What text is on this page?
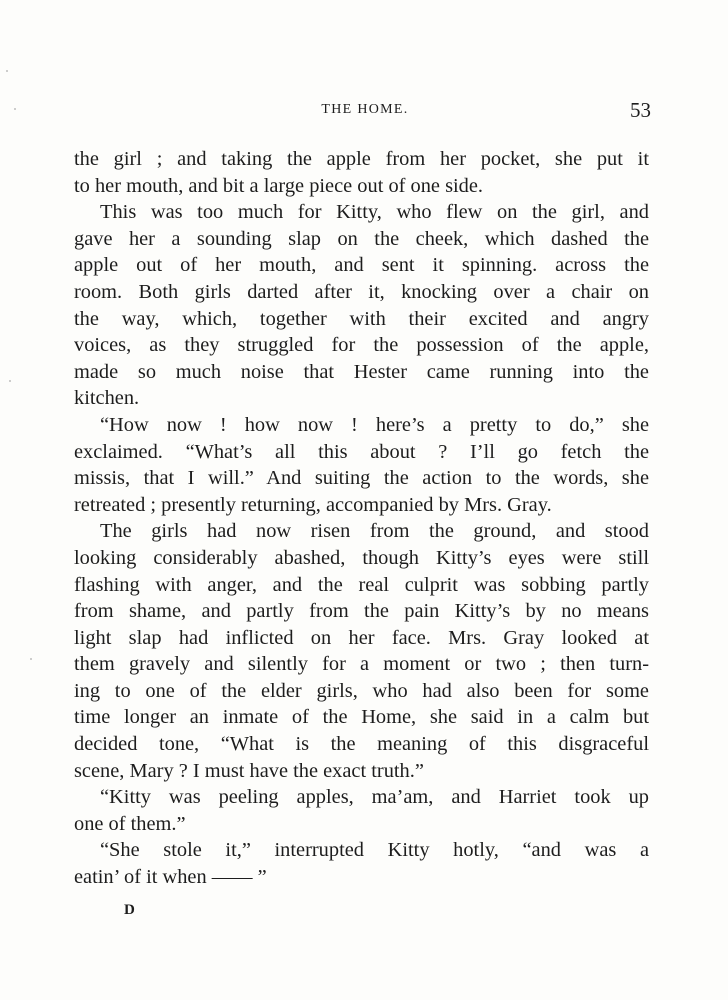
THE HOME.	53

the girl ; and taking the apple from her pocket, she put it
to her mouth, and bit a large piece out of one side.

This was too much for Kitty, who flew on the girl, and
gave her a sounding slap on the cheek, which dashed the
apple out of her mouth, and sent it spinning. across the
room. Both girls darted after it, knocking over a chair on
the way, which, together with their excited and angry
voices, as they struggled for the possession of the apple,
made so much noise that Hester came running into the
kitchen.

“How now ! how now ! here’s a pretty to do,” she
exclaimed. “What’s all this about ? I’ll go fetch the
missis, that I will.” And suiting the action to the words, she
retreated ; presently returning, accompanied by Mrs. Gray.

The girls had now risen from the ground, and stood
looking considerably abashed, though Kitty’s eyes were still
flashing with anger, and the real culprit was sobbing partly
from shame, and partly from the pain Kitty’s by no means
light slap had inflicted on her face. Mrs. Gray looked at
them gravely and silently for a moment or two ; then turn-
ing to one of the elder girls, who had also been for some
time longer an inmate of the Home, she said in a calm but
decided tone, “What is the meaning of this disgraceful
scene, Mary ? I must have the exact truth.”

“Kitty was peeling apples, ma’am, and Harriet took up
one of them.”

“She stole it,” interrupted Kitty hotly, “and was a
eatin’ of it when —— ”

D
